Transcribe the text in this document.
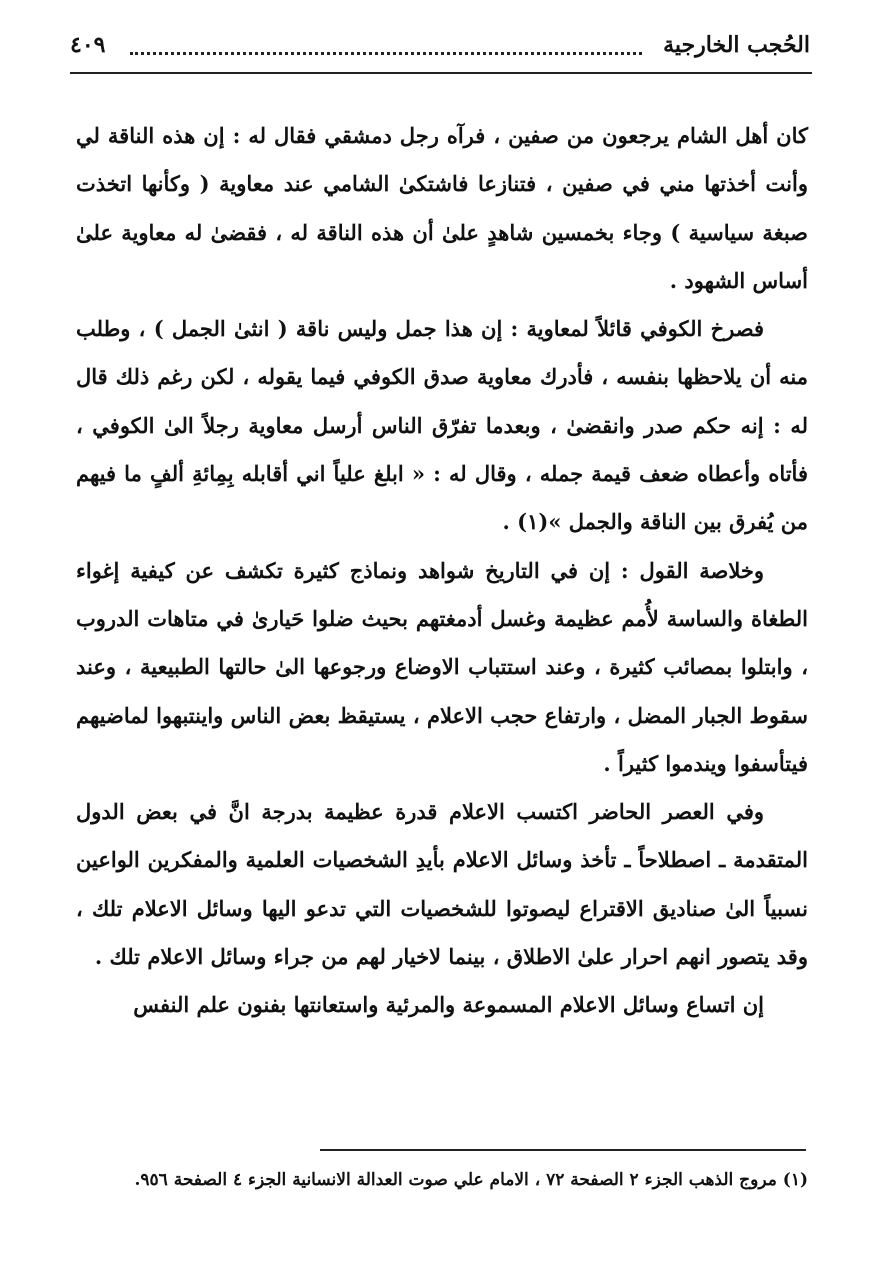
الحُجب الخارجية
٤٠٩

كان أهل الشام يرجعون من صفين ، فرآه رجل دمشقي فقال له : إن هذه الناقة لي وأنت أخذتها مني في صفين ، فتنازعا فاشتكىٰ الشامي عند معاوية ( وكأنها اتخذت صبغة سياسية ) وجاء بخمسين شاهدٍ علىٰ أن هذه الناقة له ، فقضىٰ له معاوية علىٰ أساس الشهود .

فصرخ الكوفي قائلاً لمعاوية : إن هذا جمل وليس ناقة ( انثىٰ الجمل ) ، وطلب منه أن يلاحظها بنفسه ، فأدرك معاوية صدق الكوفي فيما يقوله ، لكن رغم ذلك قال له : إنه حكم صدر وانقضىٰ ، وبعدما تفرّق الناس أرسل معاوية رجلاً الىٰ الكوفي ، فأتاه وأعطاه ضعف قيمة جمله ، وقال له : « ابلغ علياً اني أقابله بِمِائةِ ألفٍ ما فيهم من يُفرق بين الناقة والجمل »(١) .

وخلاصة القول : إن في التاريخ شواهد ونماذج كثيرة تكشف عن كيفية إغواء الطغاة والساسة لأُمم عظيمة وغسل أدمغتهم بحيث ضلوا حَيارىٰ في متاهات الدروب ، وابتلوا بمصائب كثيرة ، وعند استتباب الاوضاع ورجوعها الىٰ حالتها الطبيعية ، وعند سقوط الجبار المضل ، وارتفاع حجب الاعلام ، يستيقظ بعض الناس واينتبهوا لماضيهم فيتأسفوا ويندموا كثيراً .

وفي العصر الحاضر اكتسب الاعلام قدرة عظيمة بدرجة انَّ في بعض الدول المتقدمة ـ اصطلاحاً ـ تأخذ وسائل الاعلام بأيدِ الشخصيات العلمية والمفكرين الواعين نسبياً الىٰ صناديق الاقتراع ليصوتوا للشخصيات التي تدعو اليها وسائل الاعلام تلك ، وقد يتصور انهم احرار علىٰ الاطلاق ، بينما لاخيار لهم من جراء وسائل الاعلام تلك .

إن اتساع وسائل الاعلام المسموعة والمرئية واستعانتها بفنون علم النفس

(١) مروج الذهب الجزء ٢ الصفحة ٧٢ ، الامام علي صوت العدالة الانسانية الجزء ٤ الصفحة ٩٥٦.
